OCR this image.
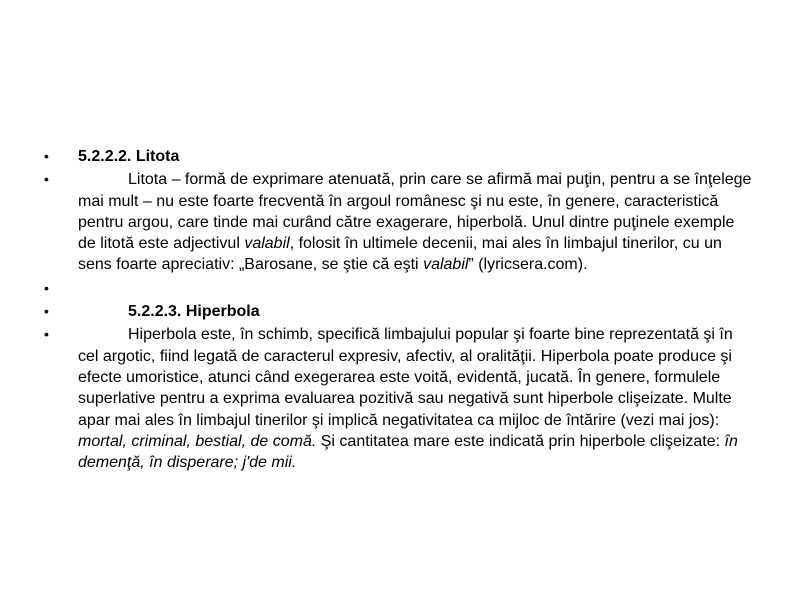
•	5.2.2.2. Litota
•	Litota – formă de exprimare atenuată, prin care se afirmă mai puţin, pentru a se înţelege mai mult – nu este foarte frecventă în argoul românesc şi nu este, în genere, caracteristică pentru argou, care tinde mai curând către exagerare, hiperbolă. Unul dintre puţinele exemple de litotă este adjectivul valabil, folosit în ultimele decenii, mai ales în limbajul tinerilor, cu un sens foarte apreciativ: „Barosane, se ştie că eşti valabil” (lyricsera.com).
•
•	5.2.2.3. Hiperbola
•	Hiperbola este, în schimb, specifică limbajului popular şi foarte bine reprezentată şi în cel argotic, fiind legată de caracterul expresiv, afectiv, al oralităţii. Hiperbola poate produce şi efecte umoristice, atunci când exegerarea este voită, evidentă, jucată. În genere, formulele superlative pentru a exprima evaluarea pozitivă sau negativă sunt hiperbole clişeizate. Multe apar mai ales în limbajul tinerilor şi implică negativitatea ca mijloc de întărire (vezi mai jos): mortal, criminal, bestial, de comă. Şi cantitatea mare este indicată prin hiperbole clişeizate: în demenţă, în disperare; j'de mii.
